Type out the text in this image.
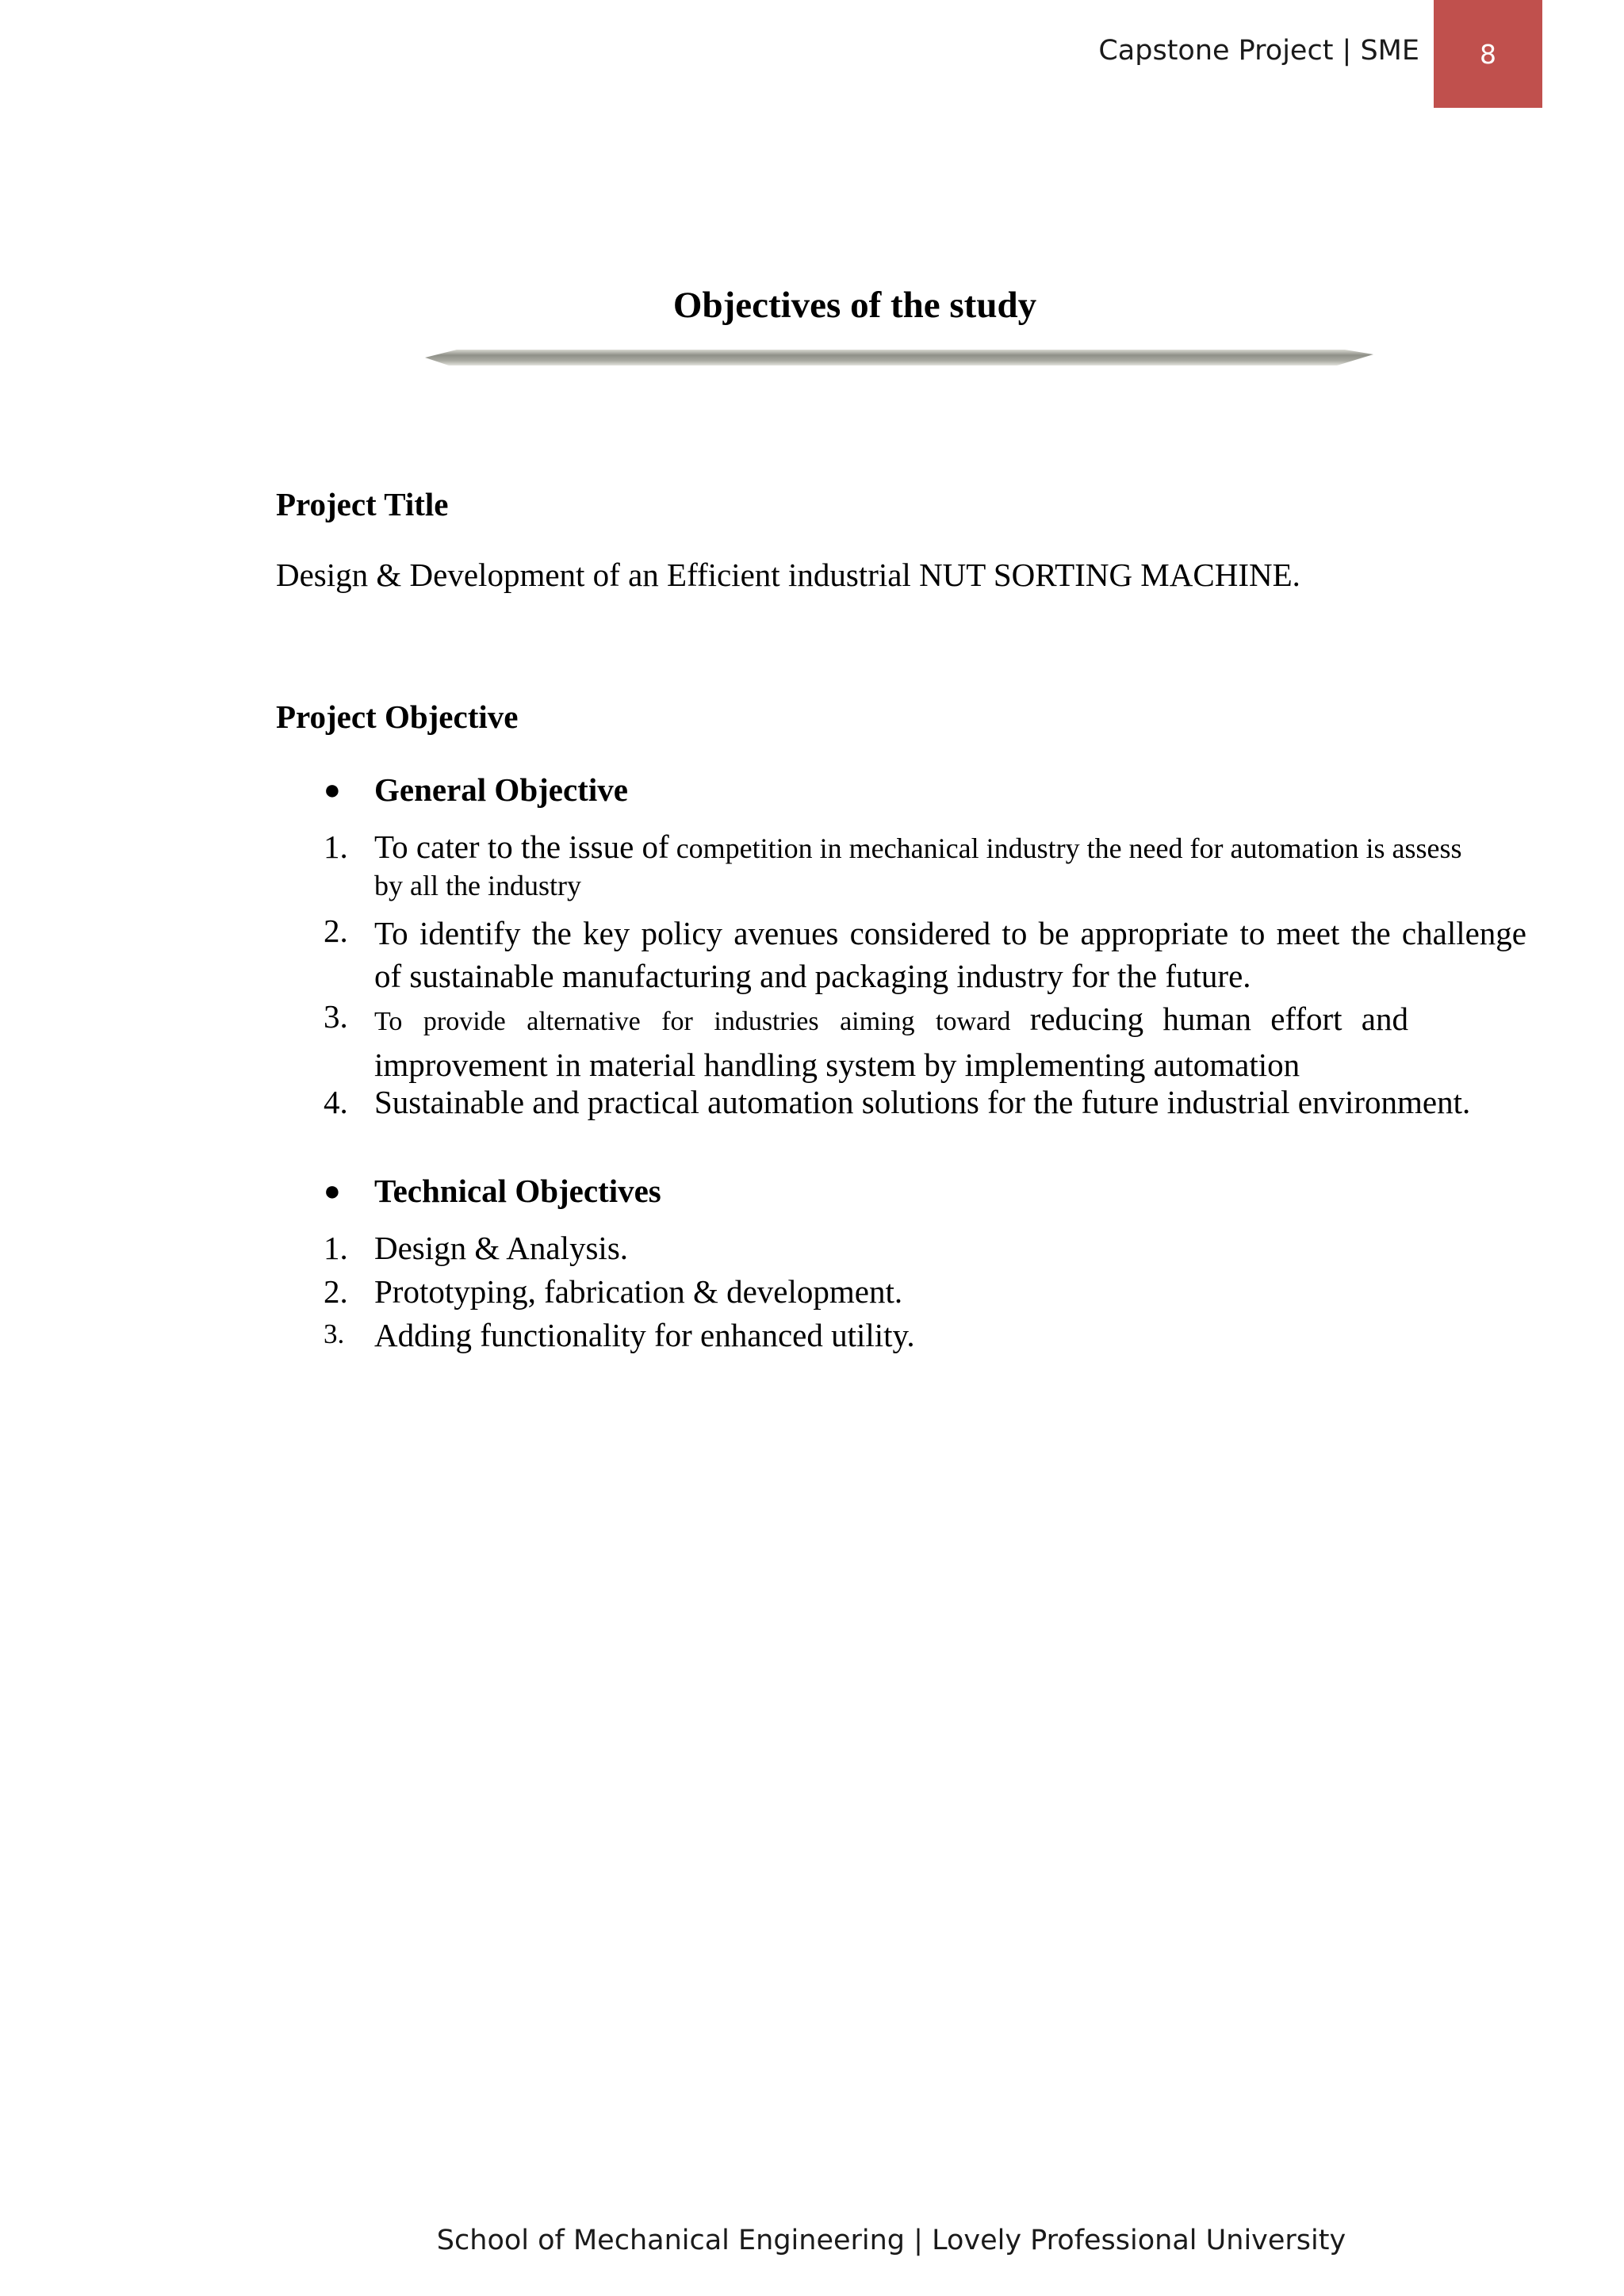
Capstone Project | SME 8
Objectives of the study
Project Title
Design & Development of an Efficient industrial NUT SORTING MACHINE.
Project Objective
● General Objective
1. To cater to the issue of competition in mechanical industry the need for automation is assess
by all the industry
2. To identify the key policy avenues considered to be appropriate to meet the challenge
of sustainable manufacturing and packaging industry for the future.
3. To provide alternative for industries aiming toward reducing human effort and
improvement in material handling system by implementing automation
4. Sustainable and practical automation solutions for the future industrial environment.
● Technical Objectives
1. Design & Analysis.
2. Prototyping, fabrication & development.
3. Adding functionality for enhanced utility.
School of Mechanical Engineering | Lovely Professional University
